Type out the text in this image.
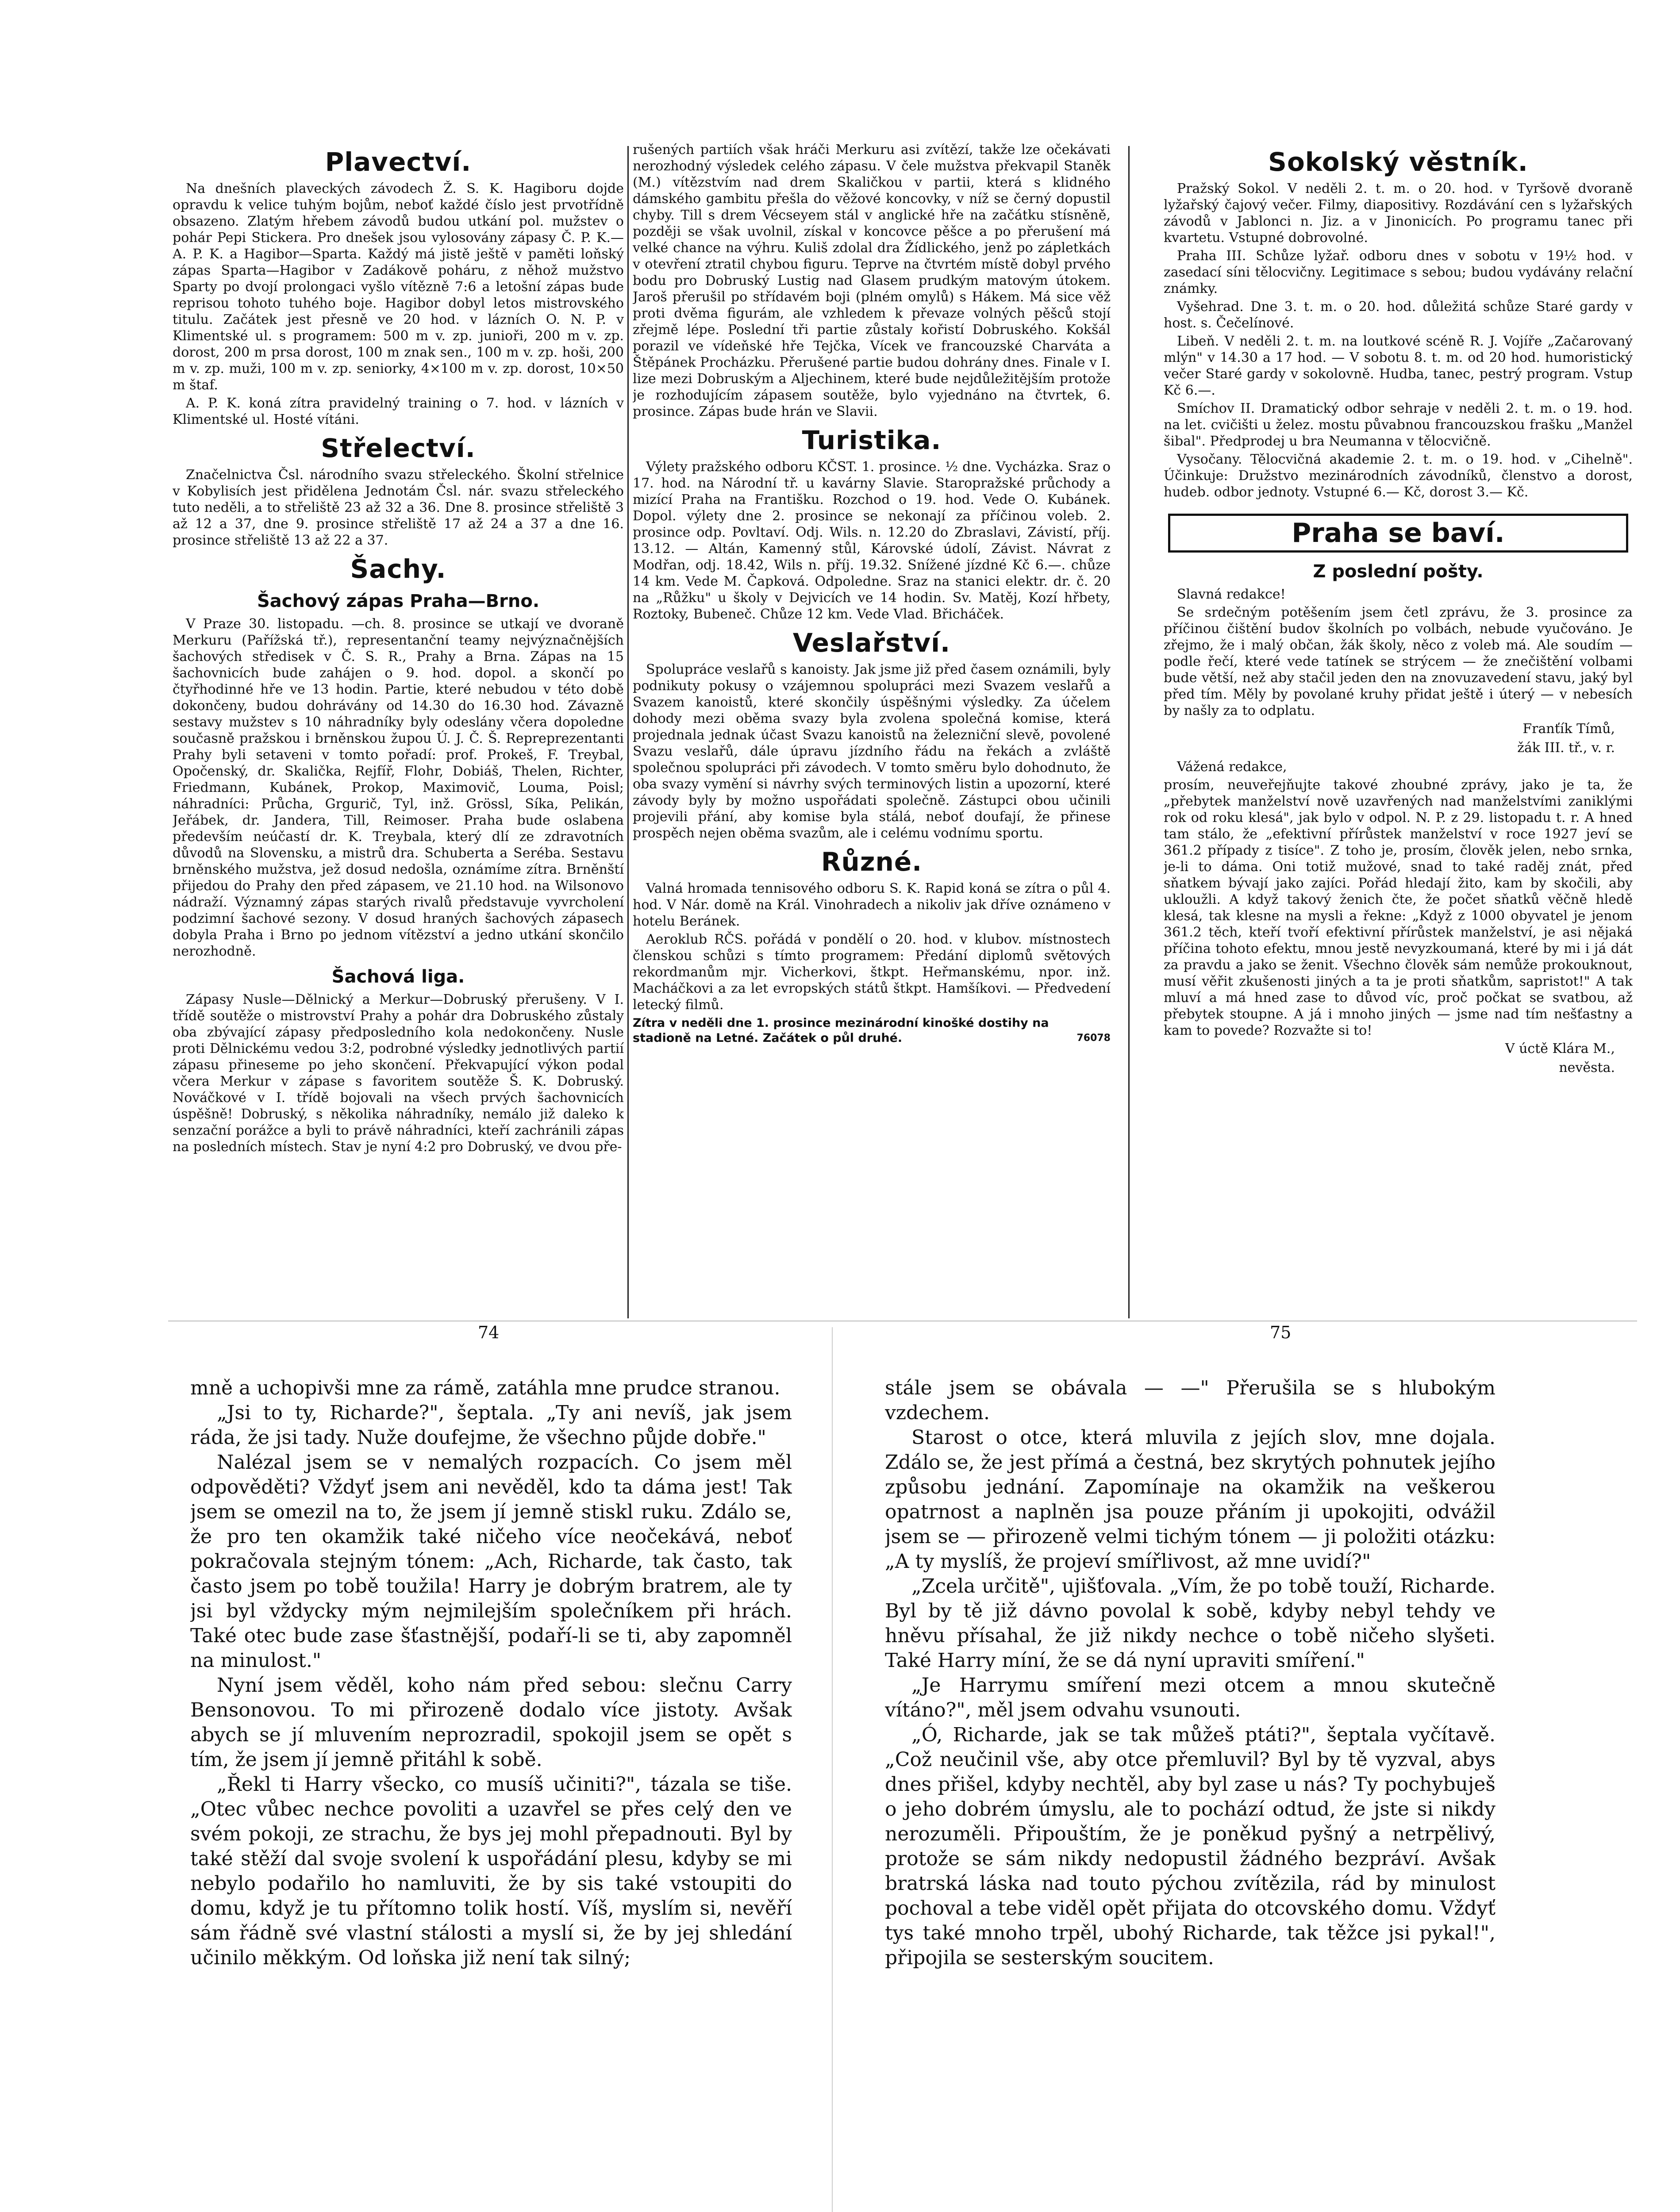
Plavectví.

Na dnešních plaveckých závodech Ž. S. K. Hagiboru dojde opravdu k velice tuhým bojům, neboť každé číslo jest prvotřídně obsazeno. Zlatým hřebem závodů budou utkání pol. mužstev o pohár Pepi Stickera. Pro dnešek jsou vylosovány zápasy Č. P. K.—A. P. K. a Hagibor—Sparta. Každý má jistě ještě v paměti loňský zápas Sparta—Hagibor v Zadákově poháru, z něhož mužstvo Sparty po dvojí prolongaci vyšlo vítězně 7:6 a letošní zápas bude reprisou tohoto tuhého boje. Hagibor dobyl letos mistrovského titulu. Začátek jest přesně ve 20 hod. v lázních O. N. P. v Klimentské ul. s programem: 500 m v. zp. junioři, 200 m v. zp. dorost, 200 m prsa dorost, 100 m znak sen., 100 m v. zp. hoši, 200 m v. zp. muži, 100 m v. zp. seniorky, 4×100 m v. zp. dorost, 10×50 m štaf.

A. P. K. koná zítra pravidelný training o 7. hod. v lázních v Klimentské ul. Hosté vítáni.

Střelectví.

Značelnictva Čsl. národního svazu střeleckého. Školní střelnice v Kobylisích jest přidělena Jednotám Čsl. nár. svazu střeleckého tuto neděli, a to střeliště 23 až 32 a 36. Dne 8. prosince střeliště 3 až 12 a 37, dne 9. prosince střeliště 17 až 24 a 37 a dne 16. prosince střeliště 13 až 22 a 37.

Šachy.
Šachový zápas Praha—Brno.

V Praze 30. listopadu. —ch. 8. prosince se utkají ve dvoraně Merkuru (Pařížská tř.), representanční teamy nejvýznačnějších šachových středisek v Č. S. R., Prahy a Brna. Zápas na 15 šachovnicích bude zahájen o 9. hod. dopol. a skončí po čtyřhodinné hře ve 13 hodin. Partie, které nebudou v této době dokončeny, budou dohrávány od 14.30 do 16.30 hod. Závazně sestavy mužstev s 10 náhradníky byly odeslány včera dopoledne současně pražskou i brněnskou župou Ú. J. Č. Š. Repreprezentanti Prahy byli setaveni v tomto pořadí: prof. Prokeš, F. Treybal, Opočenský, dr. Skalička, Rejfíř, Flohr, Dobiáš, Thelen, Richter, Friedmann, Kubánek, Prokop, Maximovič, Louma, Poisl; náhradníci: Průcha, Grgurič, Tyl, inž. Grössl, Síka, Pelikán, Jeřábek, dr. Jandera, Till, Reimoser. Praha bude oslabena především neúčastí dr. K. Treybala, který dlí ze zdravotních důvodů na Slovensku, a mistrů dra. Schuberta a Seréba. Sestavu brněnského mužstva, jež dosud nedošla, oznámíme zítra. Brněnští přijedou do Prahy den před zápasem, ve 21.10 hod. na Wilsonovo nádraží. Významný zápas starých rivalů představuje vyvrcholení podzimní šachové sezony. V dosud hraných šachových zápasech dobyla Praha i Brno po jednom vítězství a jedno utkání skončilo nerozhodně.

Šachová liga.

Zápasy Nusle—Dělnický a Merkur—Dobruský přerušeny. V I. třídě soutěže o mistrovství Prahy a pohár dra Dobruského zůstaly oba zbývající zápasy předposledního kola nedokončeny. Nusle proti Dělnickému vedou 3:2, podrobné výsledky jednotlivých partií zápasu přineseme po jeho skončení. Překvapující výkon podal včera Merkur v zápase s favoritem soutěže Š. K. Dobruský. Nováčkové v I. třídě bojovali na všech prvých šachovnicích úspěšně! Dobruský, s několika náhradníky, nemálo již daleko k senzační porážce a byli to právě náhradníci, kteří zachránili zápas na posledních místech. Stav je nyní 4:2 pro Dobruský, ve dvou pře-

rušených partiích však hráči Merkuru asi zvítězí, takže lze očekávati nerozhodný výsledek celého zápasu. V čele mužstva překvapil Staněk (M.) vítězstvím nad drem Skaličkou v partii, která s klidného dámského gambitu přešla do věžové koncovky, v níž se černý dopustil chyby. Till s drem Vécseyem stál v anglické hře na začátku stísněně, později se však uvolnil, získal v koncovce pěšce a po přerušení má velké chance na výhru. Kuliš zdolal dra Žídlického, jenž po zápletkách v otevření ztratil chybou figuru. Teprve na čtvrtém místě dobyl prvého bodu pro Dobruský Lustig nad Glasem prudkým matovým útokem. Jaroš přerušil po střídavém boji (plném omylů) s Hákem. Má sice věž proti dvěma figurám, ale vzhledem k převaze volných pěšců stojí zřejmě lépe. Poslední tři partie zůstaly kořistí Dobruského. Kokšál porazil ve vídeňské hře Tejčka, Vícek ve francouzské Charváta a Štěpánek Procházku. Přerušené partie budou dohrány dnes. Finale v I. lize mezi Dobruským a Aljechinem, které bude nejdůležitějším protože je rozhodujícím zápasem soutěže, bylo vyjednáno na čtvrtek, 6. prosince. Zápas bude hrán ve Slavii.

Turistika.

Výlety pražského odboru KČST. 1. prosince. ½ dne. Vycházka. Sraz o 17. hod. na Národní tř. u kavárny Slavie. Staropražské průchody a mizící Praha na Františku. Rozchod o 19. hod. Vede O. Kubánek. Dopol. výlety dne 2. prosince se nekonají za příčinou voleb. 2. prosince odp. Povltaví. Odj. Wils. n. 12.20 do Zbraslavi, Závistí, příj. 13.12. — Altán, Kamenný stůl, Károvské údolí, Závist. Návrat z Modřan, odj. 18.42, Wils n. příj. 19.32. Snížené jízdné Kč 6.—. chůze 14 km. Vede M. Čapková. Odpoledne. Sraz na stanici elektr. dr. č. 20 na „Růžku" u školy v Dejvicích ve 14 hodin. Sv. Matěj, Kozí hřbety, Roztoky, Bubeneč. Chůze 12 km. Vede Vlad. Břicháček.

Veslařství.

Spolupráce veslařů s kanoisty. Jak jsme již před časem oznámili, byly podnikuty pokusy o vzájemnou spolupráci mezi Svazem veslařů a Svazem kanoistů, které skončily úspěšnými výsledky. Za účelem dohody mezi oběma svazy byla zvolena společná komise, která projednala jednak účast Svazu kanoistů na železniční slevě, povolené Svazu veslařů, dále úpravu jízdního řádu na řekách a zvláště společnou spolupráci při závodech. V tomto směru bylo dohodnuto, že oba svazy vymění si návrhy svých terminových listin a upozorní, které závody byly by možno uspořádati společně. Zástupci obou učinili projevili přání, aby komise byla stálá, neboť doufají, že přinese prospěch nejen oběma svazům, ale i celému vodnímu sportu.

Různé.

Valná hromada tennisového odboru S. K. Rapid koná se zítra o půl 4. hod. V Nár. domě na Král. Vinohradech a nikoliv jak dříve oznámeno v hotelu Beránek.

Aeroklub RČS. pořádá v pondělí o 20. hod. v klubov. místnostech členskou schůzi s tímto programem: Předání diplomů světových rekordmanům mjr. Vicherkovi, štkpt. Heřmanskému, npor. inž. Macháčkovi a za let evropských států štkpt. Hamšíkovi. — Předvedení letecký filmů.

Zítra v neděli dne 1. prosince mezinárodní kinošké dostihy na stadioně na Letné. Začátek o půl druhé.	76078
Sokolský věstník.

Pražský Sokol. V neděli 2. t. m. o 20. hod. v Tyršově dvoraně lyžařský čajový večer. Filmy, diapositivy. Rozdávání cen s lyžařských závodů v Jablonci n. Jiz. a v Jinonicích. Po programu tanec při kvartetu. Vstupné dobrovolné.

Praha III. Schůze lyžař. odboru dnes v sobotu v 19½ hod. v zasedací síni tělocvičny. Legitimace s sebou; budou vydávány relační známky.

Vyšehrad. Dne 3. t. m. o 20. hod. důležitá schůze Staré gardy v host. s. Čečelínové.

Libeň. V neděli 2. t. m. na loutkové scéně R. J. Vojíře „Začarovaný mlýn" v 14.30 a 17 hod. — V sobotu 8. t. m. od 20 hod. humoristický večer Staré gardy v sokolovně. Hudba, tanec, pestrý program. Vstup Kč 6.—.

Smíchov II. Dramatický odbor sehraje v neděli 2. t. m. o 19. hod. na let. cvičišti u želez. mostu půvabnou francouzskou frašku „Manžel šibal". Předprodej u bra Neumanna v tělocvičně.

Vysočany. Tělocvičná akademie 2. t. m. o 19. hod. v „Cihelně". Účinkuje: Družstvo mezinárodních závodníků, členstvo a dorost, hudeb. odbor jednoty. Vstupné 6.— Kč, dorost 3.— Kč.

Praha se baví.
Z poslední pošty.

Slavná redakce!

Se srdečným potěšením jsem četl zprávu, že 3. prosince za příčinou čištění budov školních po volbách, nebude vyučováno. Je zřejmo, že i malý občan, žák školy, něco z voleb má. Ale soudím — podle řečí, které vede tatínek se strýcem — že znečištění volbami bude větší, než aby stačil jeden den na znovuzavedení stavu, jaký byl před tím. Měly by povolané kruhy přidat ještě i úterý — v nebesích by našly za to odplatu.

Franťík Tímů,

žák III. tř., v. r.

Vážená redakce,

prosím, neuveřejňujte takové zhoubné zprávy, jako je ta, že „přebytek manželství nově uzavřených nad manželstvími zaniklými rok od roku klesá", jak bylo v odpol. N. P. z 29. listopadu t. r. A hned tam stálo, že „efektivní přírůstek manželství v roce 1927 jeví se 361.2 případy z tisíce". Z toho je, prosím, člověk jelen, nebo srnka, je-li to dáma. Oni totiž mužové, snad to také raděj znát, před sňatkem bývají jako zajíci. Pořád hledají žito, kam by skočili, aby ukloužli. A když takový ženich čte, že počet sňatků věčně hledě klesá, tak klesne na mysli a řekne: „Když z 1000 obyvatel je jenom 361.2 těch, kteří tvoří efektivní přírůstek manželství, je asi nějaká příčina tohoto efektu, mnou jestě nevyzkoumaná, které by mi i já dát za pravdu a jako se ženit. Všechno člověk sám nemůže prokouknout, musí věřit zkušenosti jiných a ta je proti sňatkům, sapristot!" A tak mluví a má hned zase to důvod víc, proč počkat se svatbou, až přebytek stoupne. A já i mnoho jiných — jsme nad tím nešťastny a kam to povede? Rozvažte si to!

V úctě Klára M.,

nevěsta.

74	75

mně a uchopivši mne za rámě, zatáhla mne prudce stranou.

„Jsi to ty, Richarde?", šeptala. „Ty ani nevíš, jak jsem ráda, že jsi tady. Nuže doufejme, že všechno půjde dobře."

Nalézal jsem se v nemalých rozpacích. Co jsem měl odpověděti? Vždyť jsem ani nevěděl, kdo ta dáma jest! Tak jsem se omezil na to, že jsem jí jemně stiskl ruku. Zdálo se, že pro ten okamžik také ničeho více neočekává, neboť pokračovala stejným tónem: „Ach, Richarde, tak často, tak často jsem po tobě toužila! Harry je dobrým bratrem, ale ty jsi byl vždycky mým nejmilejším společníkem při hrách. Také otec bude zase šťastnější, podaří-li se ti, aby zapomněl na minulost."

Nyní jsem věděl, koho nám před sebou: slečnu Carry Bensonovou. To mi přirozeně dodalo více jistoty. Avšak abych se jí mluvením neprozradil, spokojil jsem se opět s tím, že jsem jí jemně přitáhl k sobě.

„Řekl ti Harry všecko, co musíš učiniti?", tázala se tiše. „Otec vůbec nechce povoliti a uzavřel se přes celý den ve svém pokoji, ze strachu, že bys jej mohl přepadnouti. Byl by také stěží dal svoje svolení k uspořádání plesu, kdyby se mi nebylo podařilo ho namluviti, že by sis také vstoupiti do domu, když je tu přítomno tolik hostí. Víš, myslím si, nevěří sám řádně své vlastní stálosti a myslí si, že by jej shledání učinilo měkkým. Od loňska již není tak silný;

stále jsem se obávala — —" Přerušila se s hlubokým vzdechem.

Starost o otce, která mluvila z jejích slov, mne dojala. Zdálo se, že jest přímá a čestná, bez skrytých pohnutek jejího způsobu jednání. Zapomínaje na okamžik na veškerou opatrnost a naplněn jsa pouze přáním ji upokojiti, odvážil jsem se — přirozeně velmi tichým tónem — ji položiti otázku: „A ty myslíš, že projeví smířlivost, až mne uvidí?"

„Zcela určitě", ujišťovala. „Vím, že po tobě touží, Richarde. Byl by tě již dávno povolal k sobě, kdyby nebyl tehdy ve hněvu přísahal, že již nikdy nechce o tobě ničeho slyšeti. Také Harry míní, že se dá nyní upraviti smíření."

„Je Harrymu smíření mezi otcem a mnou skutečně vítáno?", měl jsem odvahu vsunouti.

„Ó, Richarde, jak se tak můžeš ptáti?", šeptala vyčítavě. „Což neučinil vše, aby otce přemluvil? Byl by tě vyzval, abys dnes přišel, kdyby nechtěl, aby byl zase u nás? Ty pochybuješ o jeho dobrém úmyslu, ale to pochází odtud, že jste si nikdy nerozuměli. Připouštím, že je poněkud pyšný a netrpělivý, protože se sám nikdy nedopustil žádného bezpráví. Avšak bratrská láska nad touto pýchou zvítězila, rád by minulost pochoval a tebe viděl opět přijata do otcovského domu. Vždyť tys také mnoho trpěl, ubohý Richarde, tak těžce jsi pykal!", připojila se sesterským soucitem.
